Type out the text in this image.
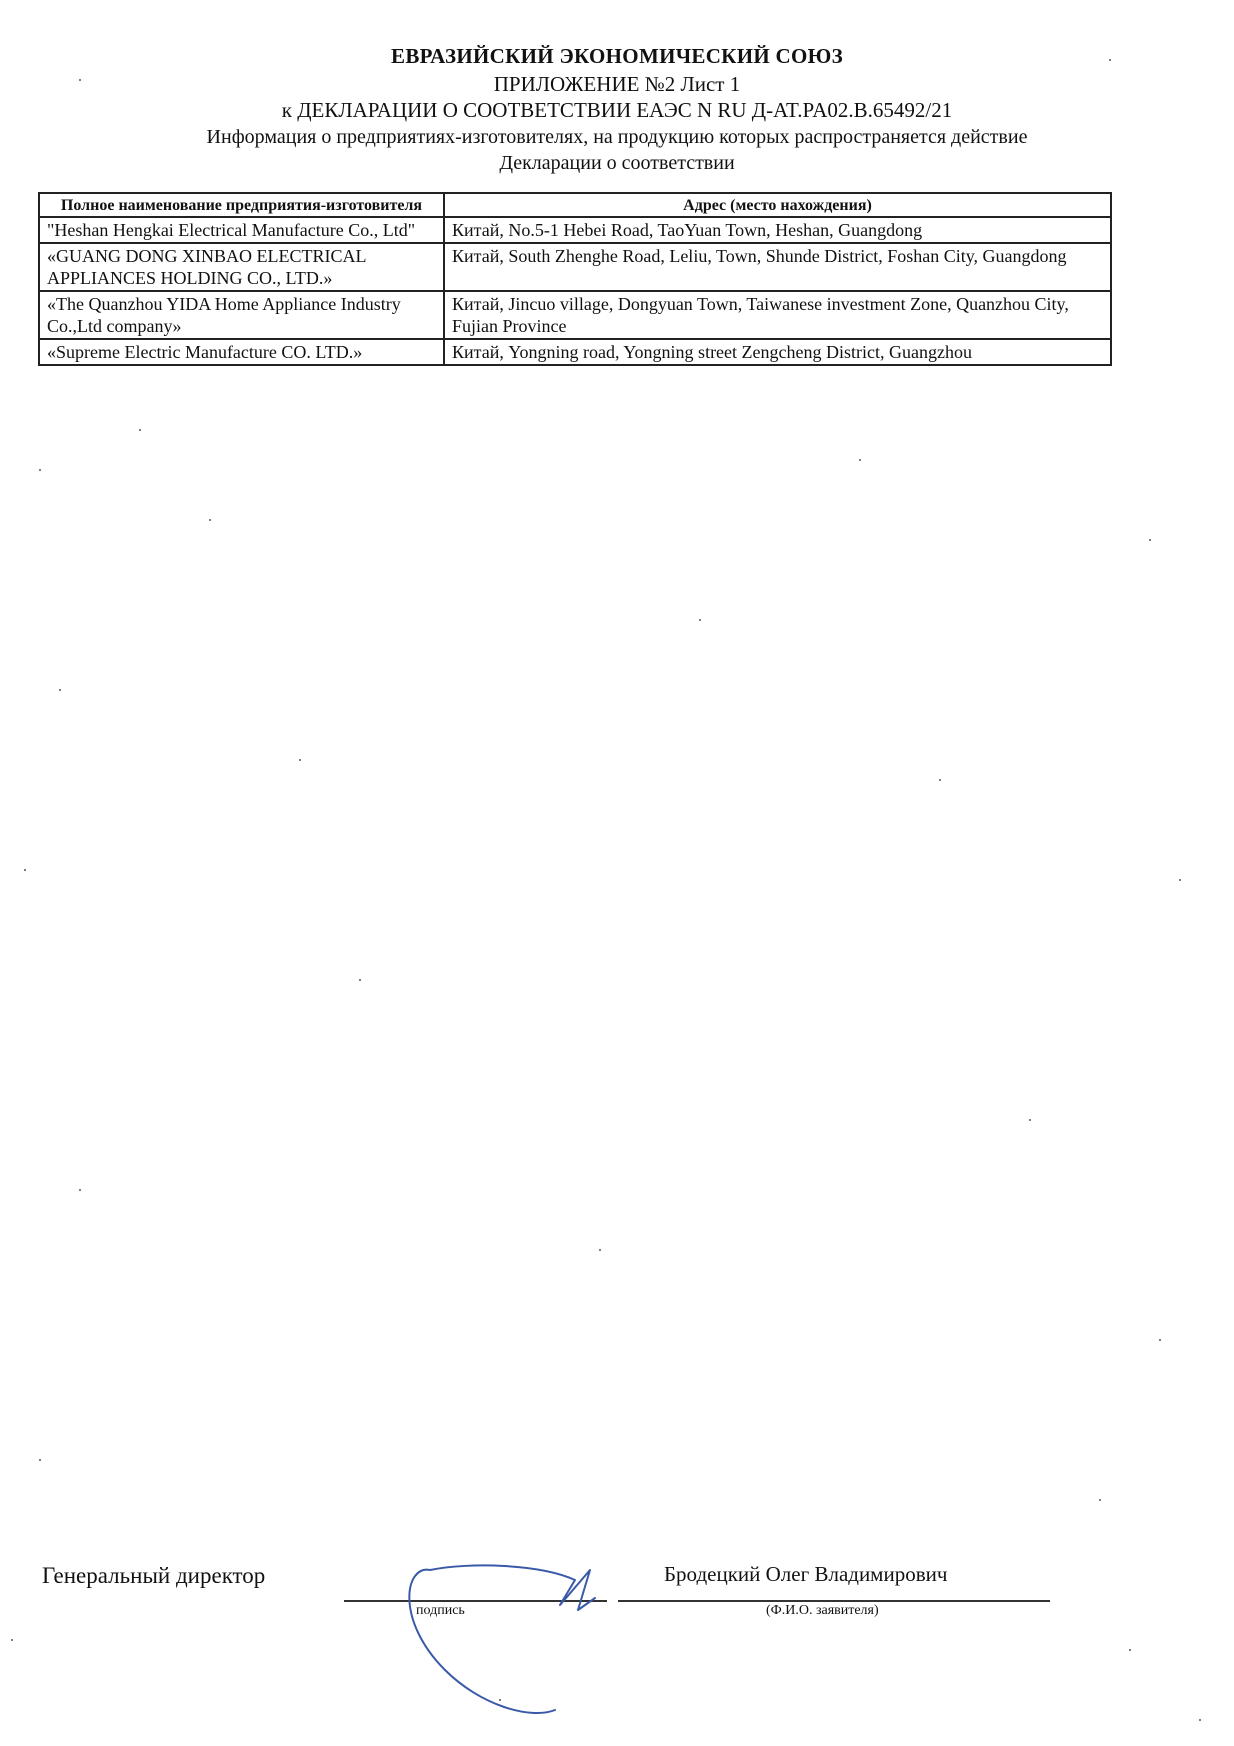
ЕВРАЗИЙСКИЙ ЭКОНОМИЧЕСКИЙ СОЮЗ
ПРИЛОЖЕНИЕ №2 Лист 1
к ДЕКЛАРАЦИИ О СООТВЕТСТВИИ ЕАЭС N RU Д-AT.PA02.B.65492/21
Информация о предприятиях-изготовителях, на продукцию которых распространяется действие
Декларации о соответствии
Полное наименование предприятия-изготовителя	Адрес (место нахождения)
"Heshan Hengkai Electrical Manufacture Co., Ltd"	Китай, No.5-1 Hebei Road, TaoYuan Town, Heshan, Guangdong
«GUANG DONG XINBAO ELECTRICAL APPLIANCES HOLDING CO., LTD.»	Китай, South Zhenghe Road, Leliu, Town, Shunde District, Foshan City, Guangdong
«The Quanzhou YIDA Home Appliance Industry Co.,Ltd company»	Китай, Jincuo village, Dongyuan Town, Taiwanese investment Zone, Quanzhou City, Fujian Province
«Supreme Electric Manufacture CO. LTD.»	Китай, Yongning road, Yongning street Zengcheng District, Guangzhou
Генеральный директор
подпись
Бродецкий Олег Владимирович
(Ф.И.О. заявителя)
